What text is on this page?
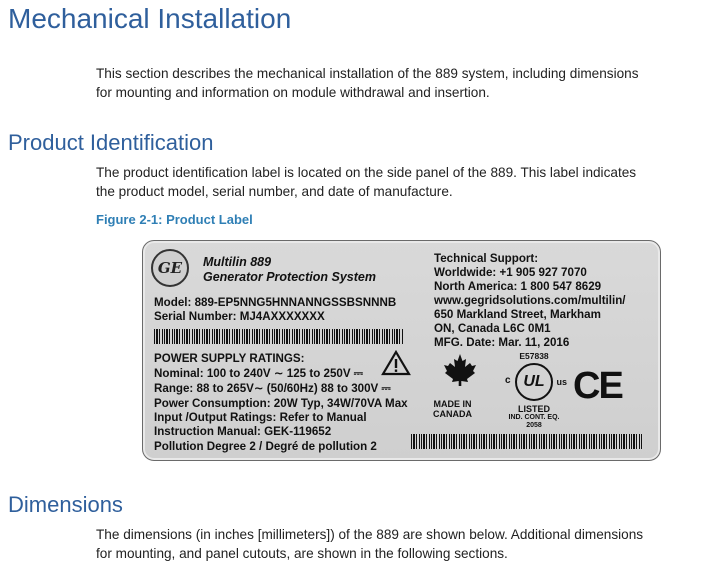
Mechanical Installation
This section describes the mechanical installation of the 889 system, including dimensions
for mounting and information on module withdrawal and insertion.
Product Identification
The product identification label is located on the side panel of the 889. This label indicates
the product model, serial number, and date of manufacture.
Figure 2-1: Product Label
GE	Multilin 889
Generator Protection System
Model: 889-EP5NNG5HNNANNGSSBSNNNB
Serial Number: MJ4AXXXXXXX
POWER SUPPLY RATINGS:
Nominal: 100 to 240V ∼ 125 to 250V ⎓
Range: 88 to 265V∼ (50/60Hz) 88 to 300V ⎓
Power Consumption: 20W Typ, 34W/70VA Max
Input /Output Ratings: Refer to Manual
Instruction Manual: GEK-119652
Pollution Degree 2 / Degré de pollution 2
Technical Support:
Worldwide: +1 905 927 7070
North America: 1 800 547 8629
www.gegridsolutions.com/multilin/
650 Markland Street, Markham
ON, Canada L6C 0M1
MFG. Date: Mar. 11, 2016
MADE IN
CANADA
E57838
UL
c	us
LISTED
IND. CONT. EQ.
2058
CE
Dimensions
The dimensions (in inches [millimeters]) of the 889 are shown below. Additional dimensions
for mounting, and panel cutouts, are shown in the following sections.
